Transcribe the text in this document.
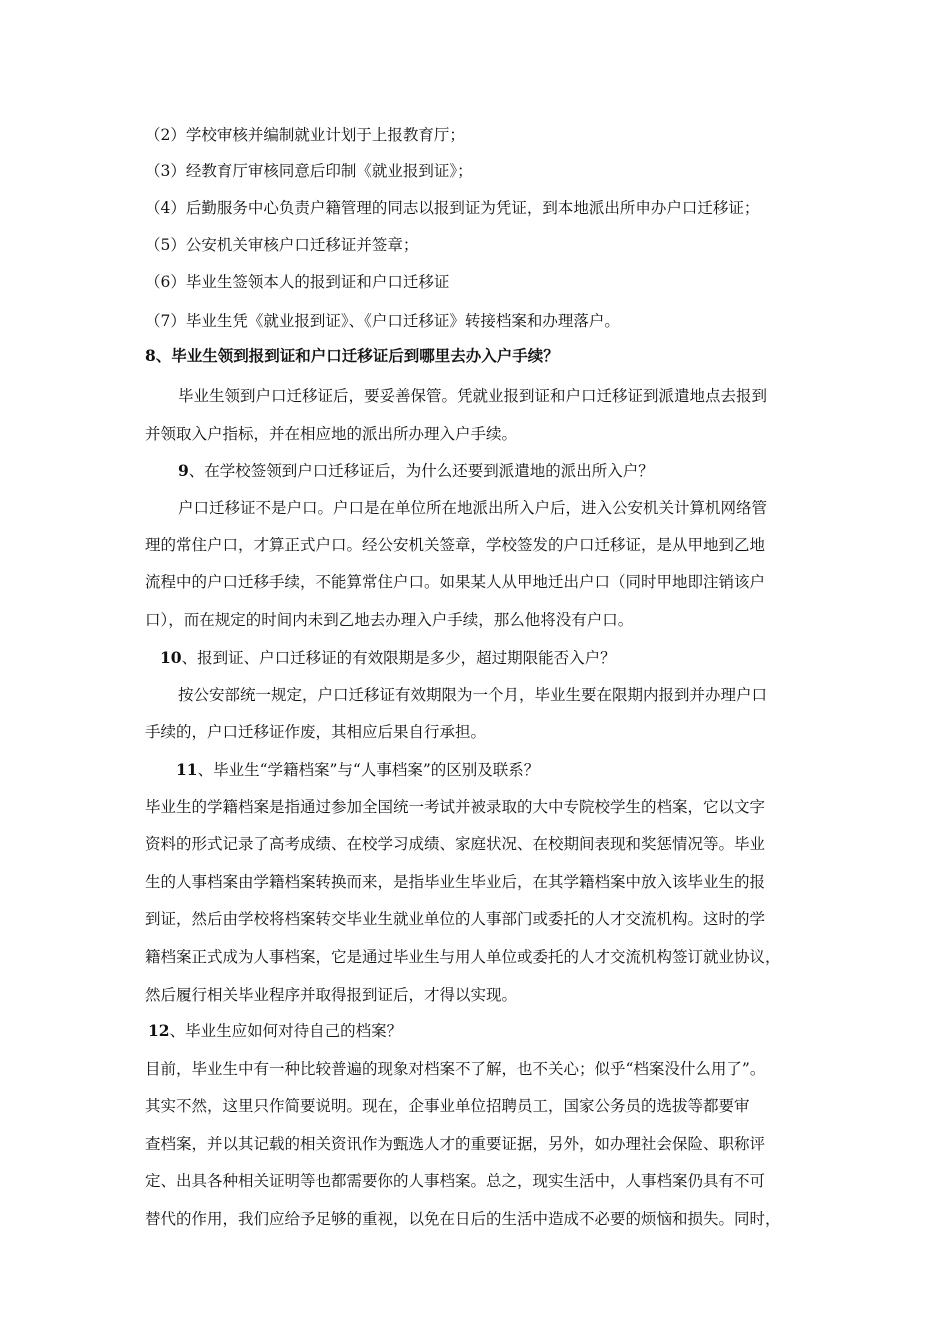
（2）学校审核并编制就业计划于上报教育厅；
（3）经教育厅审核同意后印制《就业报到证》；
（4）后勤服务中心负责户籍管理的同志以报到证为凭证，到本地派出所申办户口迁移证；
（5）公安机关审核户口迁移证并签章；
（6）毕业生签领本人的报到证和户口迁移证
（7）毕业生凭《就业报到证》、《户口迁移证》转接档案和办理落户。
8、毕业生领到报到证和户口迁移证后到哪里去办入户手续？
毕业生领到户口迁移证后，要妥善保管。凭就业报到证和户口迁移证到派遣地点去报到
并领取入户指标，并在相应地的派出所办理入户手续。
9、在学校签领到户口迁移证后，为什么还要到派遣地的派出所入户？
户口迁移证不是户口。户口是在单位所在地派出所入户后，进入公安机关计算机网络管
理的常住户口，才算正式户口。经公安机关签章，学校签发的户口迁移证，是从甲地到乙地
流程中的户口迁移手续，不能算常住户口。如果某人从甲地迁出户口（同时甲地即注销该户
口），而在规定的时间内未到乙地去办理入户手续，那么他将没有户口。
10、报到证、户口迁移证的有效限期是多少，超过期限能否入户？
按公安部统一规定，户口迁移证有效期限为一个月，毕业生要在限期内报到并办理户口
手续的，户口迁移证作废，其相应后果自行承担。
11、毕业生“学籍档案”与“人事档案”的区别及联系？
毕业生的学籍档案是指通过参加全国统一考试并被录取的大中专院校学生的档案，它以文字
资料的形式记录了高考成绩、在校学习成绩、家庭状况、在校期间表现和奖惩情况等。毕业
生的人事档案由学籍档案转换而来，是指毕业生毕业后，在其学籍档案中放入该毕业生的报
到证，然后由学校将档案转交毕业生就业单位的人事部门或委托的人才交流机构。这时的学
籍档案正式成为人事档案，它是通过毕业生与用人单位或委托的人才交流机构签订就业协议，
然后履行相关毕业程序并取得报到证后，才得以实现。
12、毕业生应如何对待自己的档案？
目前，毕业生中有一种比较普遍的现象对档案不了解，也不关心；似乎“档案没什么用了”。
其实不然，这里只作简要说明。现在，企事业单位招聘员工，国家公务员的选拔等都要审
查档案，并以其记载的相关资讯作为甄选人才的重要证据，另外，如办理社会保险、职称评
定、出具各种相关证明等也都需要你的人事档案。总之，现实生活中，人事档案仍具有不可
替代的作用，我们应给予足够的重视，以免在日后的生活中造成不必要的烦恼和损失。同时，
